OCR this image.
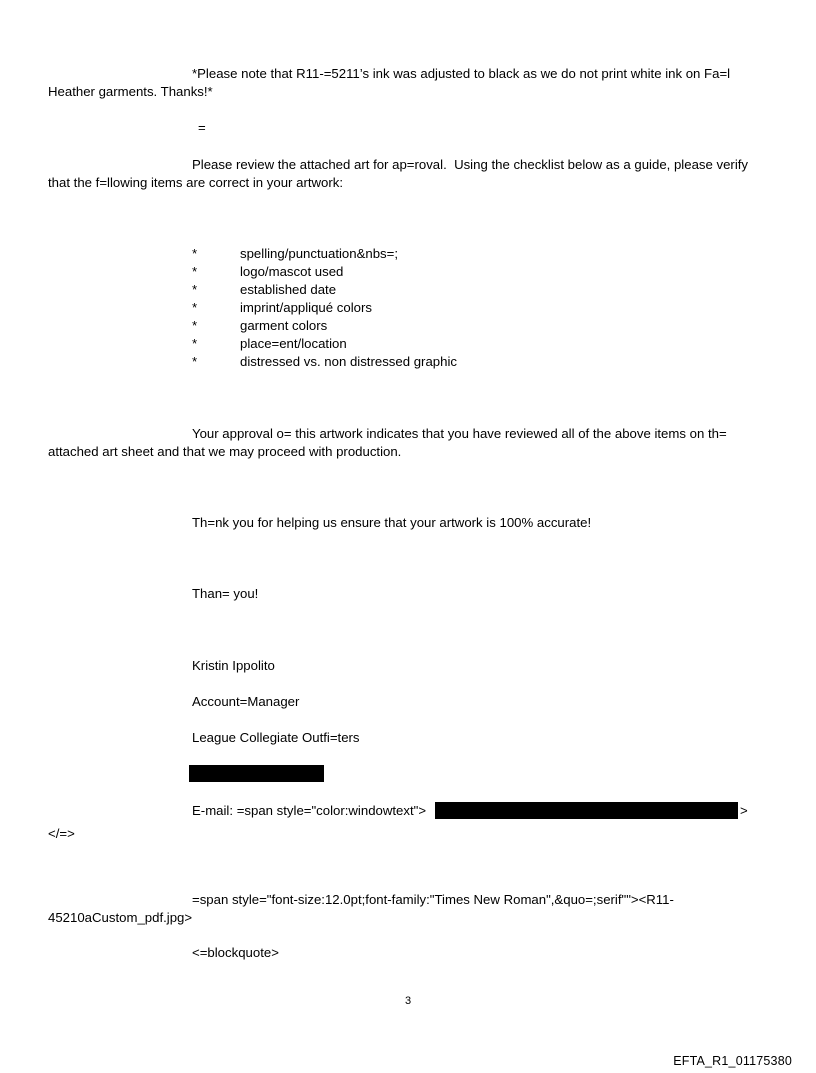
*Please note that R11-=5211’s ink was adjusted to black as we do not print white ink on Fa=l
Heather garments. Thanks!*
=
Please review the attached art for ap=roval.  Using the checklist below as a guide, please verify
that the f=llowing items are correct in your artwork:
*	spelling/punctuation&nbs=;
*	logo/mascot used
*	established date
*	imprint/appliqué colors
*	garment colors
*	place=ent/location
*	distressed vs. non distressed graphic
Your approval o= this artwork indicates that you have reviewed all of the above items on th=
attached art sheet and that we may proceed with production.
Th=nk you for helping us ensure that your artwork is 100% accurate!
Than= you!
Kristin Ippolito
Account=Manager
League Collegiate Outfi=ters
E-mail: =span style="color:windowtext">	>
</=>
=span style="font-size:12.0pt;font-family:"Times New Roman",&quo=;serif""><R11-
45210aCustom_pdf.jpg>
<=blockquote>
3
EFTA_R1_01175380
